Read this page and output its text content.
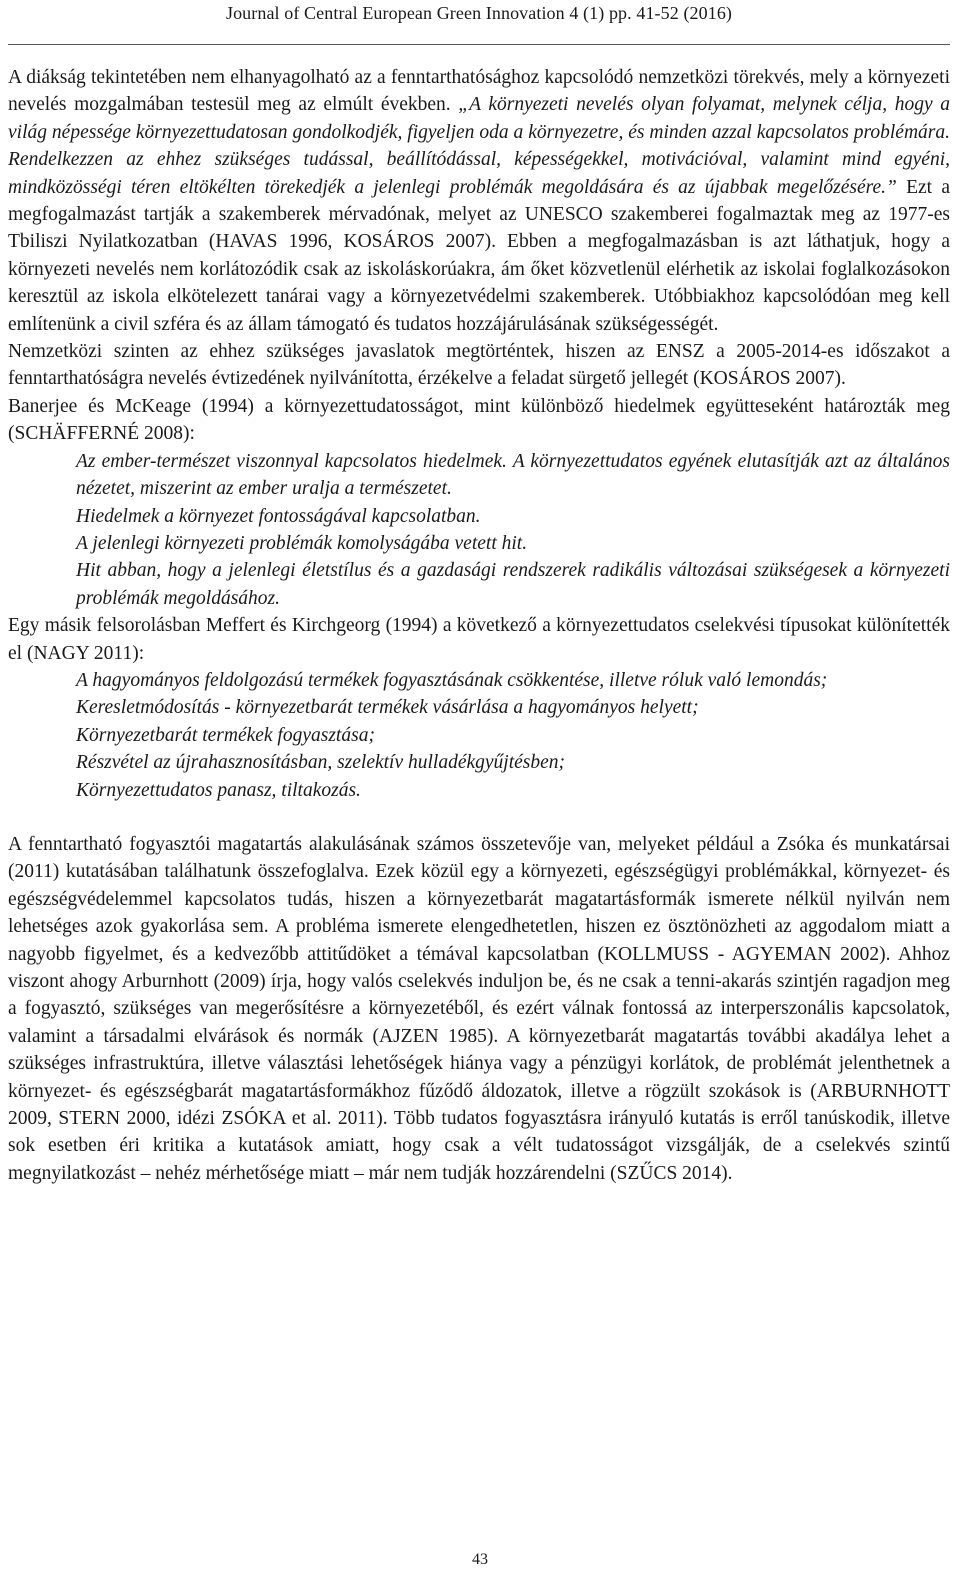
Journal of Central European Green Innovation 4 (1) pp. 41-52 (2016)

A diákság tekintetében nem elhanyagolható az a fenntarthatósághoz kapcsolódó nemzetközi törekvés, mely a környezeti nevelés mozgalmában testesül meg az elmúlt években. „A környezeti nevelés olyan folyamat, melynek célja, hogy a világ népessége környezettudatosan gondolkodjék, figyeljen oda a környezetre, és minden azzal kapcsolatos problémára. Rendelkezzen az ehhez szükséges tudással, beállítódással, képességekkel, motivációval, valamint mind egyéni, mindközösségi téren eltökélten törekedjék a jelenlegi problémák megoldására és az újabbak megelőzésére.” Ezt a megfogalmazást tartják a szakemberek mérvadónak, melyet az UNESCO szakemberei fogalmaztak meg az 1977-es Tbiliszi Nyilatkozatban (HAVAS 1996, KOSÁROS 2007). Ebben a megfogalmazásban is azt láthatjuk, hogy a környezeti nevelés nem korlátozódik csak az iskoláskorúakra, ám őket közvetlenül elérhetik az iskolai foglalkozásokon keresztül az iskola elkötelezett tanárai vagy a környezetvédelmi szakemberek. Utóbbiakhoz kapcsolódóan meg kell említenünk a civil szféra és az állam támogató és tudatos hozzájárulásának szükségességét.

Nemzetközi szinten az ehhez szükséges javaslatok megtörténtek, hiszen az ENSZ a 2005-2014-es időszakot a fenntarthatóságra nevelés évtizedének nyilvánította, érzékelve a feladat sürgető jellegét (KOSÁROS 2007).

Banerjee és McKeage (1994) a környezettudatosságot, mint különböző hiedelmek együtteseként határozták meg (SCHÄFFERNÉ 2008):

Az ember-természet viszonnyal kapcsolatos hiedelmek. A környezettudatos egyének elutasítják azt az általános nézetet, miszerint az ember uralja a természetet.
Hiedelmek a környezet fontosságával kapcsolatban.
A jelenlegi környezeti problémák komolyságába vetett hit.
Hit abban, hogy a jelenlegi életstílus és a gazdasági rendszerek radikális változásai szükségesek a környezeti problémák megoldásához.

Egy másik felsorolásban Meffert és Kirchgeorg (1994) a következő a környezettudatos cselekvési típusokat különítették el (NAGY 2011):

A hagyományos feldolgozású termékek fogyasztásának csökkentése, illetve róluk való lemondás;
Keresletmódosítás - környezetbarát termékek vásárlása a hagyományos helyett;
Környezetbarát termékek fogyasztása;
Részvétel az újrahasznosításban, szelektív hulladékgyűjtésben;
Környezettudatos panasz, tiltakozás.

A fenntartható fogyasztói magatartás alakulásának számos összetevője van, melyeket például a Zsóka és munkatársai (2011) kutatásában találhatunk összefoglalva. Ezek közül egy a környezeti, egészségügyi problémákkal, környezet- és egészségvédelemmel kapcsolatos tudás, hiszen a környezetbarát magatartásformák ismerete nélkül nyilván nem lehetséges azok gyakorlása sem. A probléma ismerete elengedhetetlen, hiszen ez ösztönözheti az aggodalom miatt a nagyobb figyelmet, és a kedvezőbb attitűdöket a témával kapcsolatban (KOLLMUSS - AGYEMAN 2002). Ahhoz viszont ahogy Arburnhott (2009) írja, hogy valós cselekvés induljon be, és ne csak a tenni-akarás szintjén ragadjon meg a fogyasztó, szükséges van megerősítésre a környezetéből, és ezért válnak fontossá az interperszonális kapcsolatok, valamint a társadalmi elvárások és normák (AJZEN 1985). A környezetbarát magatartás további akadálya lehet a szükséges infrastruktúra, illetve választási lehetőségek hiánya vagy a pénzügyi korlátok, de problémát jelenthetnek a környezet- és egészségbarát magatartásformákhoz fűződő áldozatok, illetve a rögzült szokások is (ARBURNHOTT 2009, STERN 2000, idézi ZSÓKA et al. 2011). Több tudatos fogyasztásra irányuló kutatás is erről tanúskodik, illetve sok esetben éri kritika a kutatások amiatt, hogy csak a vélt tudatosságot vizsgálják, de a cselekvés szintű megnyilatkozást – nehéz mérhetősége miatt – már nem tudják hozzárendelni (SZŰCS 2014).

43
